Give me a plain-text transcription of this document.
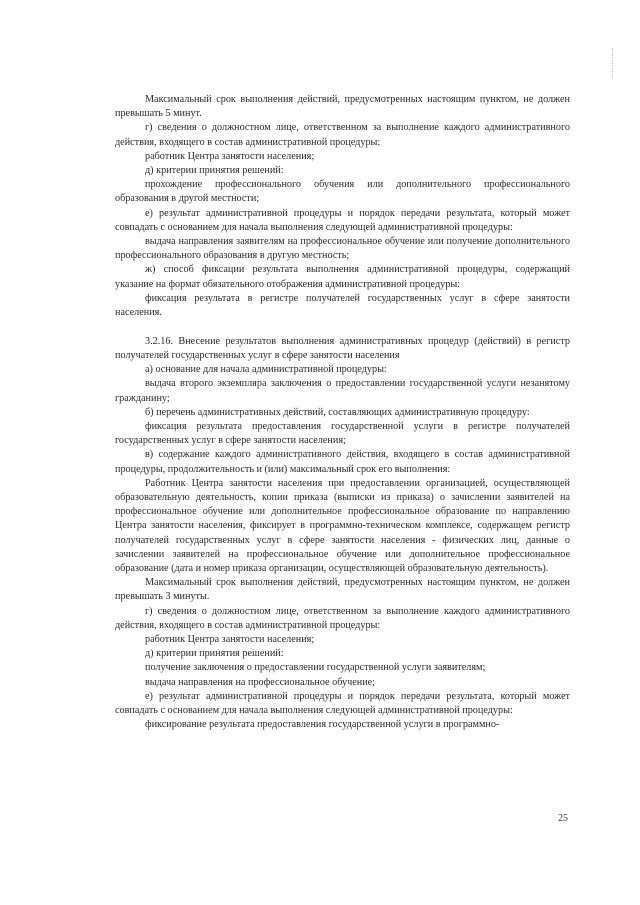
Максимальный срок выполнения действий, предусмотренных настоящим пунктом, не должен превышать 5 минут.

г) сведения о должностном лице, ответственном за выполнение каждого административного действия, входящего в состав административной процедуры:

работник Центра занятости населения;

д) критерии принятия решений:

прохождение профессионального обучения или дополнительного профессионального образования в другой местности;

е) результат административной процедуры и порядок передачи результата, который может совпадать с основанием для начала выполнения следующей административной процедуры:

выдача направления заявителям на профессиональное обучение или получение дополнительного профессионального образования в другую местность;

ж) способ фиксации результата выполнения административной процедуры, содержащий указание на формат обязательного отображения административной процедуры:

фиксация результата в регистре получателей государственных услуг в сфере занятости населения.

3.2.16. Внесение результатов выполнения административных процедур (действий) в регистр получателей государственных услуг в сфере занятости населения

а) основание для начала административной процедуры:

выдача второго экземпляра заключения о предоставлении государственной услуги незанятому гражданину;

б) перечень административных действий, составляющих административную процедуру:

фиксация результата предоставления государственной услуги в регистре получателей государственных услуг в сфере занятости населения;

в) содержание каждого административного действия, входящего в состав административной процедуры, продолжительность и (или) максимальный срок его выполнения:

Работник Центра занятости населения при предоставлении организацией, осуществляющей образовательную деятельность, копии приказа (выписки из приказа) о зачислении заявителей на профессиональное обучение или дополнительное профессиональное образование по направлению Центра занятости населения, фиксирует в программно-техническом комплексе, содержащем регистр получателей государственных услуг в сфере занятости населения - физических лиц, данные о зачислении заявителей на профессиональное обучение или дополнительное профессиональное образование (дата и номер приказа организации, осуществляющей образовательную деятельность).

Максимальный срок выполнения действий, предусмотренных настоящим пунктом, не должен превышать 3 минуты.

г) сведения о должностном лице, ответственном за выполнение каждого административного действия, входящего в состав административной процедуры:

работник Центра занятости населения;

д) критерии принятия решений:

получение заключения о предоставлении государственной услуги заявителям;

выдача направления на профессиональное обучение;

е) результат административной процедуры и порядок передачи результата, который может совпадать с основанием для начала выполнения следующей административной процедуры:

фиксирование результата предоставления государственной услуги в программно-

25
